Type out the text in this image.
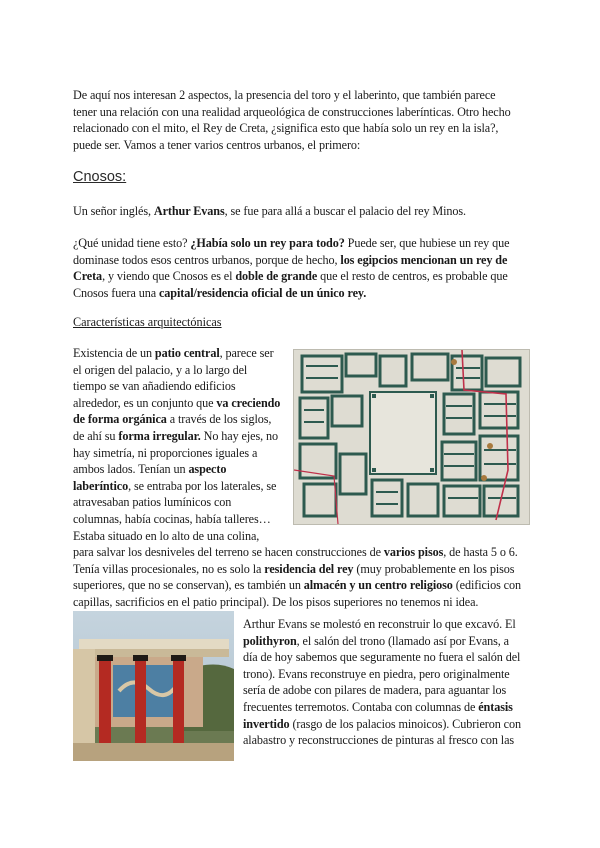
De aquí nos interesan 2 aspectos, la presencia del toro y el laberinto, que también parece
tener una relación con una realidad arqueológica de construcciones laberínticas. Otro hecho
relacionado con el mito, el Rey de Creta, ¿significa esto que había solo un rey en la isla?,
puede ser. Vamos a tener varios centros urbanos, el primero:
Cnosos:
Un señor inglés, Arthur Evans, se fue para allá a buscar el palacio del rey Minos.
¿Qué unidad tiene esto? ¿Había solo un rey para todo? Puede ser, que hubiese un rey que
dominase todos esos centros urbanos, porque de hecho, los egipcios mencionan un rey de
Creta, y viendo que Cnosos es el doble de grande que el resto de centros, es probable que
Cnosos fuera una capital/residencia oficial de un único rey.
Características arquitectónicas
Existencia de un patio central, parece ser
el origen del palacio, y a lo largo del
tiempo se van añadiendo edificios
alrededor, es un conjunto que va creciendo
de forma orgánica a través de los siglos,
de ahí su forma irregular. No hay ejes, no
hay simetría, ni proporciones iguales a
ambos lados. Tenían un aspecto
laberíntico, se entraba por los laterales, se
atravesaban patios lumínicos con
columnas, había cocinas, había talleres…
Estaba situado en lo alto de una colina,
para salvar los desniveles del terreno se hacen construcciones de varios pisos, de hasta 5 o 6.
Tenía villas procesionales, no es solo la residencia del rey (muy probablemente en los pisos
superiores, que no se conservan), es también un almacén y un centro religioso (edificios con
capillas, sacrificios en el patio principal). De los pisos superiores no tenemos ni idea.
Arthur Evans se molestó en reconstruir lo que excavó. El
polithyron, el salón del trono (llamado así por Evans, a
día de hoy sabemos que seguramente no fuera el salón del
trono). Evans reconstruye en piedra, pero originalmente
sería de adobe con pilares de madera, para aguantar los
frecuentes terremotos. Contaba con columnas de éntasis
invertido (rasgo de los palacios minoicos). Cubrieron con
alabastro y reconstrucciones de pinturas al fresco con las
